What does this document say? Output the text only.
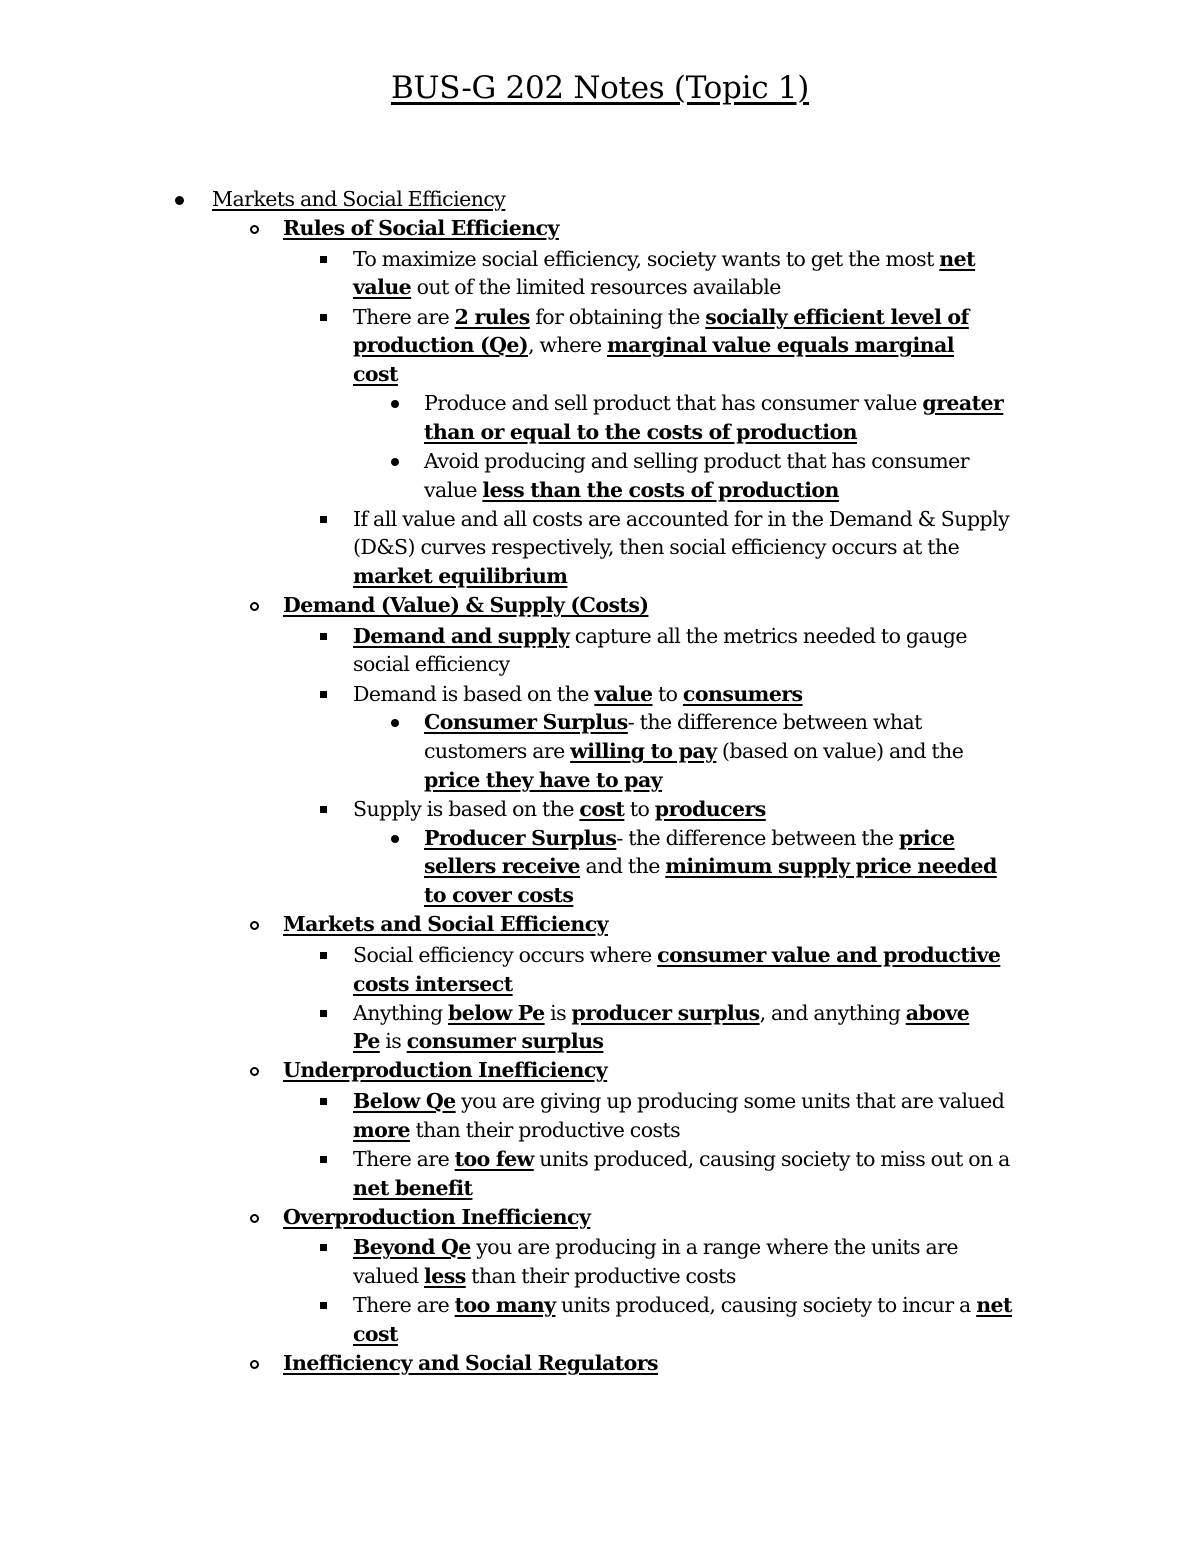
BUS-G 202 Notes (Topic 1)
Markets and Social Efficiency
Rules of Social Efficiency
To maximize social efficiency, society wants to get the most net
value out of the limited resources available
There are 2 rules for obtaining the socially efficient level of
production (Qe), where marginal value equals marginal
cost
Produce and sell product that has consumer value greater
than or equal to the costs of production
Avoid producing and selling product that has consumer
value less than the costs of production
If all value and all costs are accounted for in the Demand & Supply
(D&S) curves respectively, then social efficiency occurs at the
market equilibrium
Demand (Value) & Supply (Costs)
Demand and supply capture all the metrics needed to gauge
social efficiency
Demand is based on the value to consumers
Consumer Surplus- the difference between what
customers are willing to pay (based on value) and the
price they have to pay
Supply is based on the cost to producers
Producer Surplus- the difference between the price
sellers receive and the minimum supply price needed
to cover costs
Markets and Social Efficiency
Social efficiency occurs where consumer value and productive
costs intersect
Anything below Pe is producer surplus, and anything above
Pe is consumer surplus
Underproduction Inefficiency
Below Qe you are giving up producing some units that are valued
more than their productive costs
There are too few units produced, causing society to miss out on a
net benefit
Overproduction Inefficiency
Beyond Qe you are producing in a range where the units are
valued less than their productive costs
There are too many units produced, causing society to incur a net
cost
Inefficiency and Social Regulators
